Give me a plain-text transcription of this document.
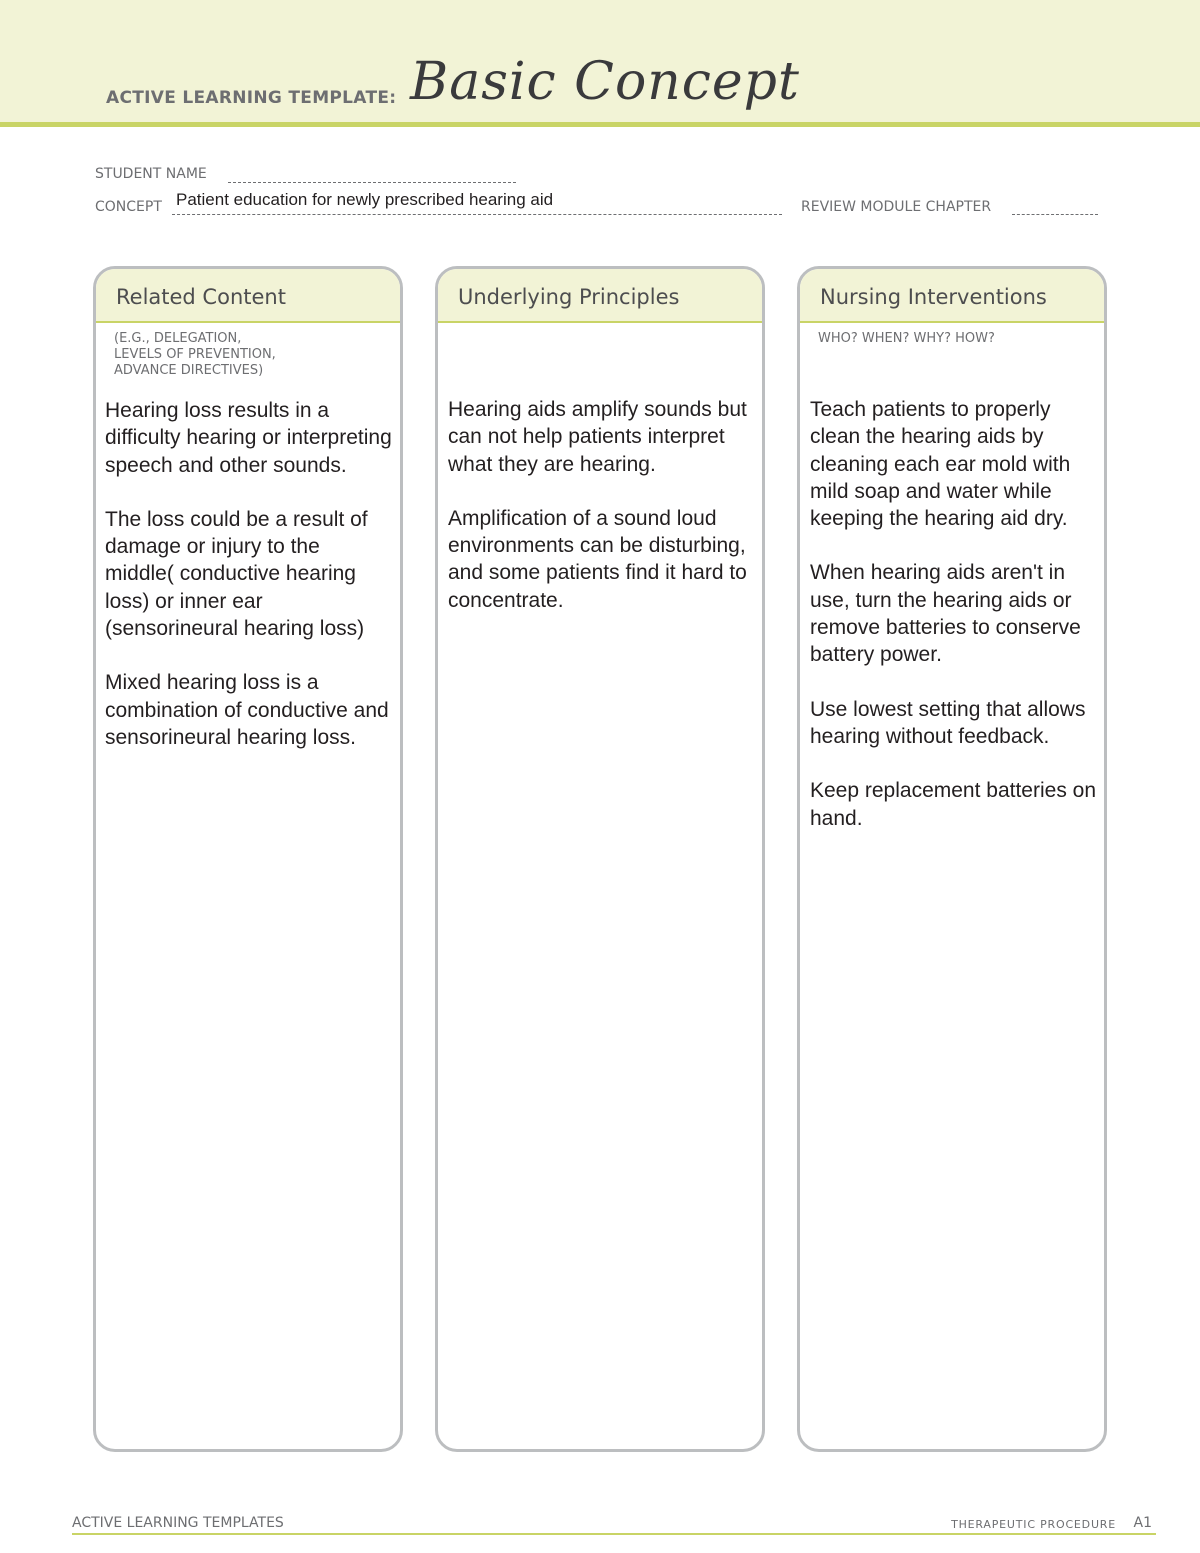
ACTIVE LEARNING TEMPLATE: Basic Concept
STUDENT NAME
CONCEPT Patient education for newly prescribed hearing aid	REVIEW MODULE CHAPTER
Related Content
(E.G., DELEGATION,
LEVELS OF PREVENTION,
ADVANCE DIRECTIVES)

Hearing loss results in a difficulty hearing or interpreting speech and other sounds.

The loss could be a result of damage or injury to the middle( conductive hearing loss) or inner ear (sensorineural hearing loss)

Mixed hearing loss is a combination of conductive and sensorineural hearing loss.

Underlying Principles

Hearing aids amplify sounds but can not help patients interpret what they are hearing.

Amplification of a sound loud environments can be disturbing, and some patients find it hard to concentrate.

Nursing Interventions
WHO? WHEN? WHY? HOW?

Teach patients to properly clean the hearing aids by cleaning each ear mold with mild soap and water while keeping the hearing aid dry.

When hearing aids aren't in use, turn the hearing aids or remove batteries to conserve battery power.

Use lowest setting that allows hearing without feedback.

Keep replacement batteries on hand.

ACTIVE LEARNING TEMPLATES	THERAPEUTIC PROCEDURE A1
